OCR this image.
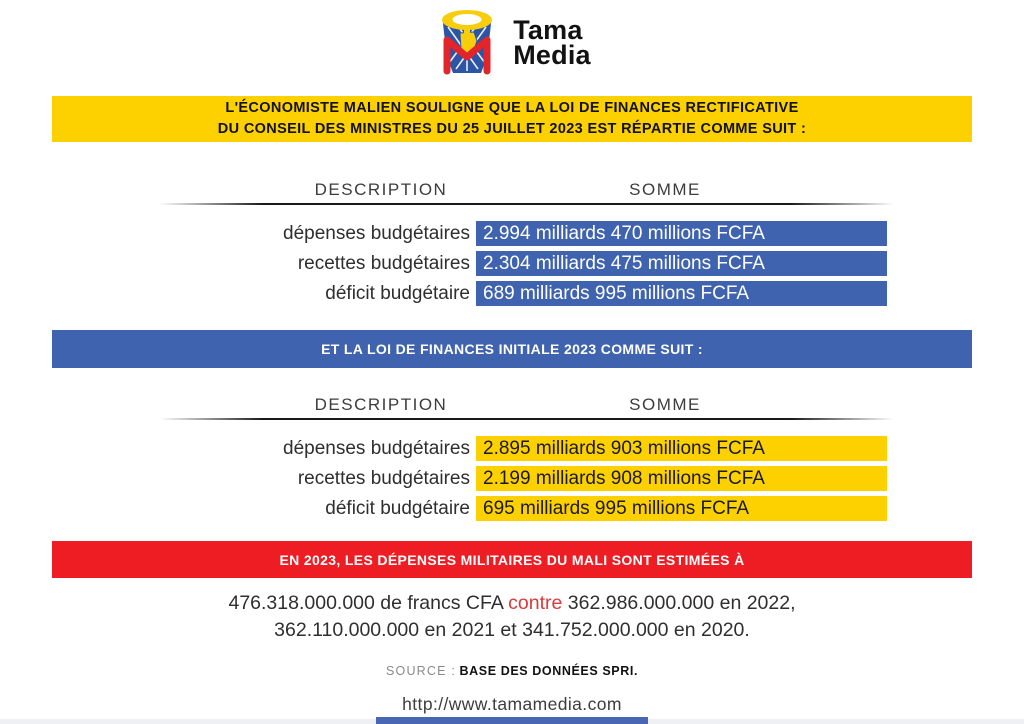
Tama
Media
L'ÉCONOMISTE MALIEN SOULIGNE QUE LA LOI DE FINANCES RECTIFICATIVE
DU CONSEIL DES MINISTRES DU 25 JUILLET 2023 EST RÉPARTIE COMME SUIT :
DESCRIPTION	SOMME
dépenses budgétaires 2.994 milliards 470 millions FCFA
recettes budgétaires 2.304 milliards 475 millions FCFA
déficit budgétaire 689 milliards 995 millions FCFA
ET LA LOI DE FINANCES INITIALE 2023 COMME SUIT :
DESCRIPTION	SOMME
dépenses budgétaires 2.895 milliards 903 millions FCFA
recettes budgétaires 2.199 milliards 908 millions FCFA
déficit budgétaire 695 milliards 995 millions FCFA
EN 2023, LES DÉPENSES MILITAIRES DU MALI SONT ESTIMÉES À
476.318.000.000 de francs CFA contre 362.986.000.000 en 2022,
362.110.000.000 en 2021 et 341.752.000.000 en 2020.
SOURCE : BASE DES DONNÉES SPRI.
http://www.tamamedia.com
